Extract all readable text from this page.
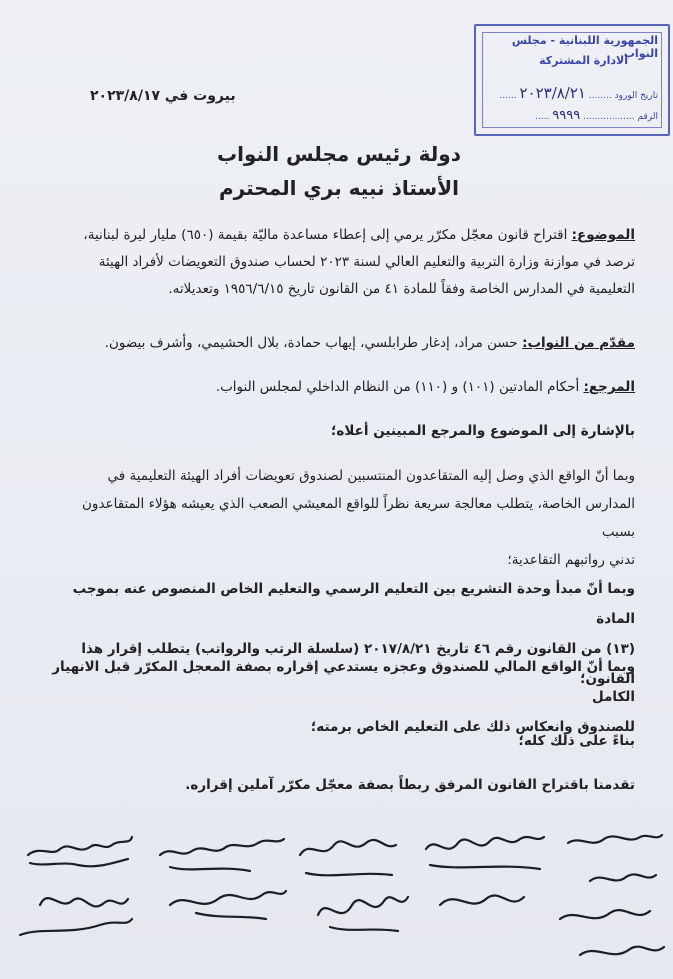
الجمهورية اللبنانية - مجلس النواب
الادارة المشتركة
تاريخ الورود ........ ٢٠٢٣/٨/٢١ ......
الرقم .................. ٩٩٩٩ .....
بيروت في ٢٠٢٣/٨/١٧
دولة رئيس مجلس النواب
الأستاذ نبيه بري المحترم
الموضوع: اقتراح قانون معجّل مكرّر يرمي إلى إعطاء مساعدة ماليّة بقيمة (٦٥٠) مليار ليرة لبنانية،
ترصد في موازنة وزارة التربية والتعليم العالي لسنة ٢٠٢٣ لحساب صندوق التعويضات لأفراد الهيئة
التعليمية في المدارس الخاصة وفقاً للمادة ٤١ من القانون تاريخ ١٩٥٦/٦/١٥ وتعديلاته.
مقدّم من النواب: حسن مراد، إدغار طرابلسي، إيهاب حمادة، بلال الحشيمي، وأشرف بيضون.
المرجع: أحكام المادتين (١٠١) و (١١٠) من النظام الداخلي لمجلس النواب.
بالإشارة إلى الموضوع والمرجع المبينين أعلاه؛
وبما أنّ الواقع الذي وصل إليه المتقاعدون المنتسبين لصندوق تعويضات أفراد الهيئة التعليمية في
المدارس الخاصة، يتطلب معالجة سريعة نظراً للواقع المعيشي الصعب الذي يعيشه هؤلاء المتقاعدون بسبب
تدني رواتبهم التقاعدية؛
وبما أنّ مبدأ وحدة التشريع بين التعليم الرسمي والتعليم الخاص المنصوص عنه بموجب المادة
(١٣) من القانون رقم ٤٦ تاريخ ٢٠١٧/٨/٢١ (سلسلة الرتب والرواتب) يتطلب إقرار هذا القانون؛
وبما أنّ الواقع المالي للصندوق وعجزه يستدعي إقراره بصفة المعجل المكرّر قبل الانهيار الكامل
للصندوق وانعكاس ذلك على التعليم الخاص برمته؛
بناءً على ذلك كله؛
تقدمنا باقتراح القانون المرفق ربطاً بصفة معجّل مكرّر آملين إقراره.
